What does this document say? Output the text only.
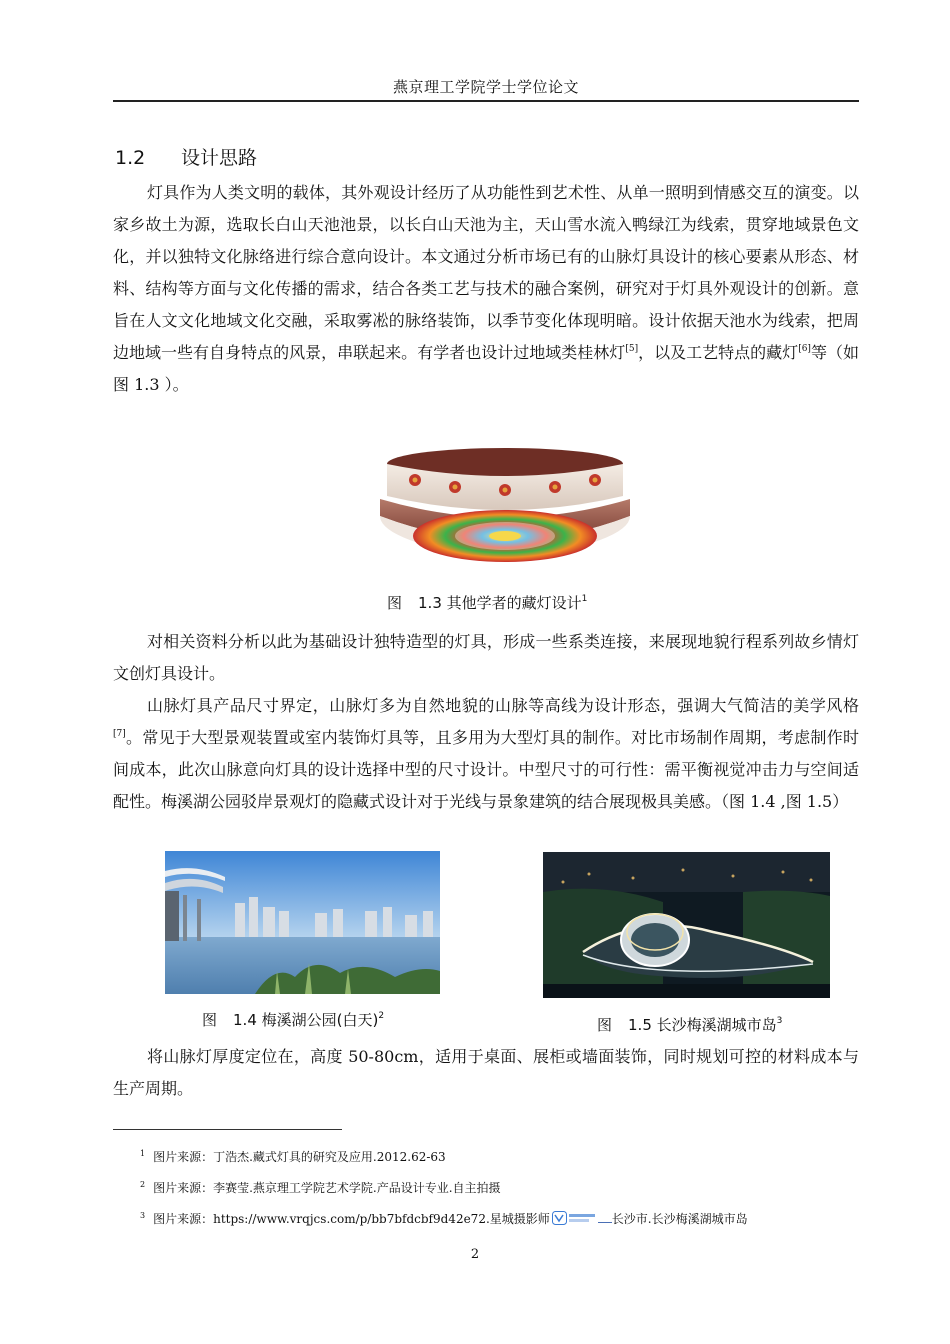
燕京理工学院学士学位论文
1.2 设计思路

灯具作为人类文明的载体，其外观设计经历了从功能性到艺术性、从单一照明到情感交互的演变。以家乡故土为源，选取长白山天池池景，以长白山天池为主，天山雪水流入鸭绿江为线索，贯穿地域景色文化，并以独特文化脉络进行综合意向设计。本文通过分析市场已有的山脉灯具设计的核心要素从形态、材料、结构等方面与文化传播的需求，结合各类工艺与技术的融合案例，研究对于灯具外观设计的创新。意旨在人文文化地域文化交融，采取雾凇的脉络装饰，以季节变化体现明暗。设计依据天池水为线索，把周边地域一些有自身特点的风景，串联起来。有学者也设计过地域类桂林灯[5]，以及工艺特点的藏灯[6]等（如图 1.3 ）。

图 1.3 其他学者的藏灯设计$^1$

对相关资料分析以此为基础设计独特造型的灯具，形成一些系类连接，来展现地貌行程系列故乡情灯文创灯具设计。

山脉灯具产品尺寸界定，山脉灯多为自然地貌的山脉等高线为设计形态，强调大气简洁的美学风格[7]。常见于大型景观装置或室内装饰灯具等，且多用为大型灯具的制作。对比市场制作周期，考虑制作时间成本，此次山脉意向灯具的设计选择中型的尺寸设计。中型尺寸的可行性：需平衡视觉冲击力与空间适配性。梅溪湖公园驳岸景观灯的隐藏式设计对于光线与景象建筑的结合展现极具美感。（图 1.4 ,图 1.5）

图 1.4 梅溪湖公园(白天)$^2$	图 1.5 长沙梅溪湖城市岛$^3$

将山脉灯厚度定位在，高度 50-80cm，适用于桌面、展柜或墙面装饰，同时规划可控的材料成本与生产周期。

$^1$ 图片来源：丁浩杰.藏式灯具的研究及应用.2012.62-63
$^2$ 图片来源：李赛莹.燕京理工学院艺术学院.产品设计专业.自主拍摄
$^3$ 图片来源：https://www.vrqjcs.com/p/bb7bfdcbf9d42e72.星城摄影师	长沙市.长沙梅溪湖城市岛
2
